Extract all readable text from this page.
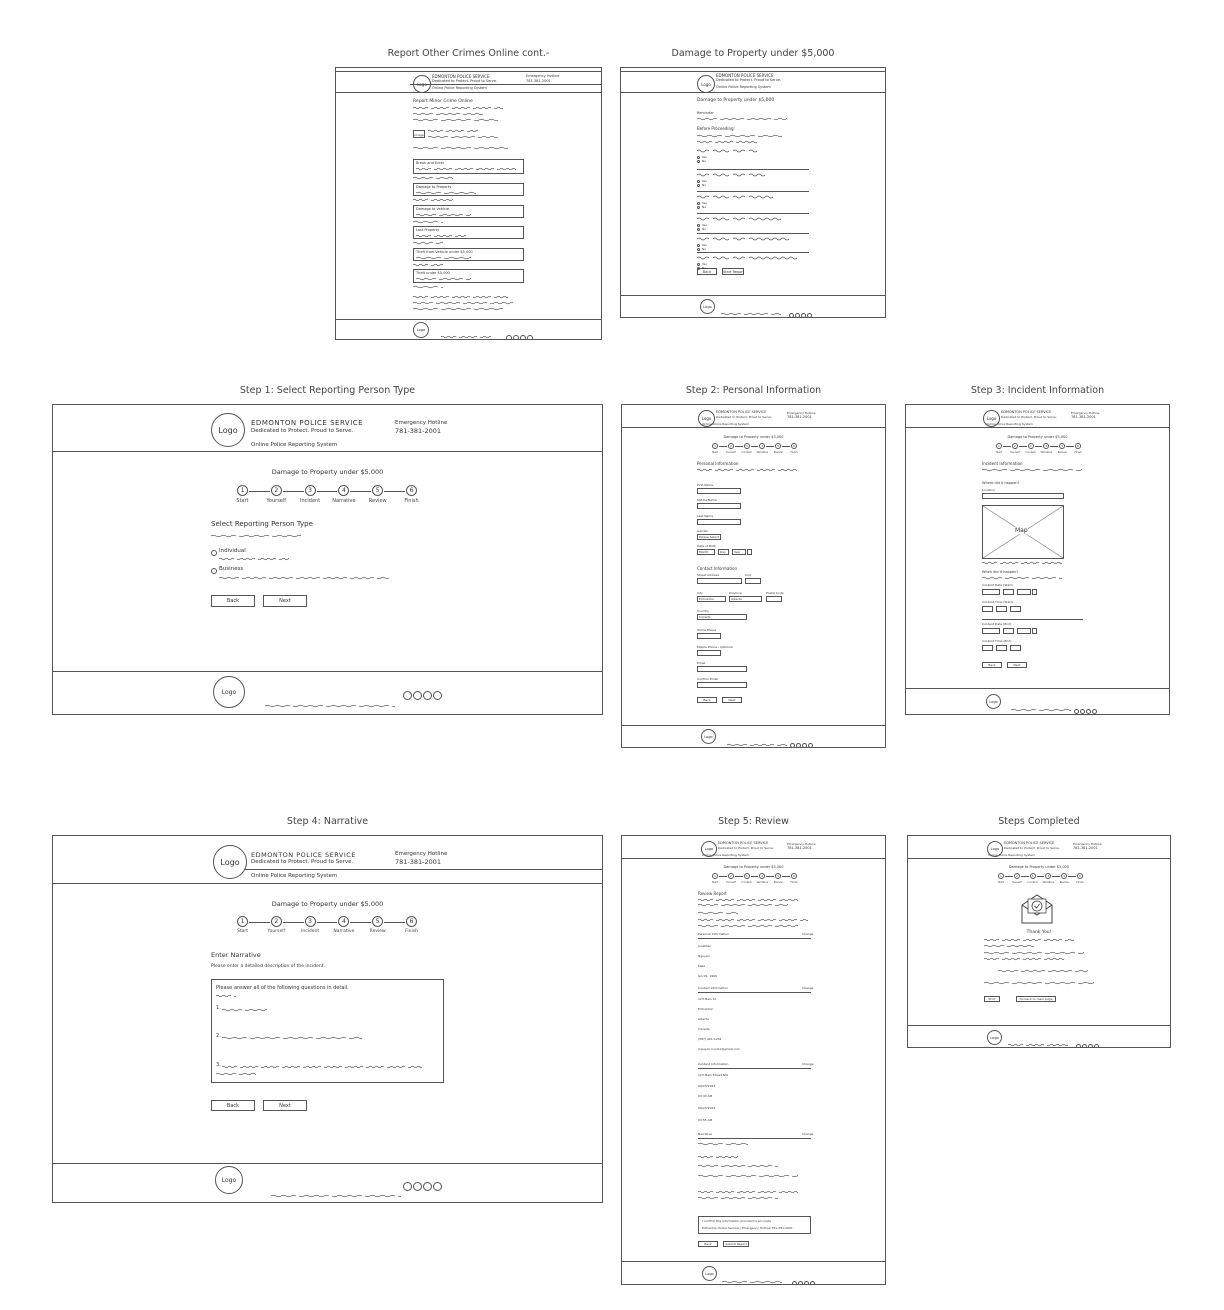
Report Other Crimes Online cont.-	Damage to Property under $5,000
Step 1: Select Reporting Person Type	Step 2: Personal Information	Step 3: Incident Information
Step 4: Narrative	Step 5: Review	Steps Completed
Logo
EDMONTON POLICE SERVICE
Dedicated to Protect. Proud to Serve.
Emergency Hotline
781-381-2001
Online Police Reporting System
Report Minor Crime Online
Image
Break and Enter
Damage to Property
Damage to Vehicle
Lost Property
Theft from Vehicle under $5,000
Theft under $5,000
Logo
Logo
EDMONTON POLICE SERVICE
Dedicated to Protect. Proud to Serve.
Online Police Reporting System
Damage to Property under $5,000
Reminder
Before Proceeding:
Back	Start Report
Logo
Yes
No
Yes
No
Yes
No
Yes
No
Yes
No
Yes
No
Logo
EDMONTON POLICE SERVICE
Dedicated to Protect. Proud to Serve.
Emergency Hotline
781-381-2001
Online Police Reporting System
Damage to Property under $5,000
1
Start
2
Yourself
3
Incident
4
Narrative
5
Review
6
Finish
Select Reporting Person Type
Individual
Business
Back	Next
Logo
Logo
EDMONTON POLICE SERVICE
Dedicated to Protect. Proud to Serve.
Emergency Hotline
781-381-2001
Online Police Reporting System
Damage to Property under $5,000
1
Start
2
Yourself
3
Incident
4
Narrative
5
Review
6
Finish
Personal Information
Contact Information
Street Address	Unit
City
Edmonton
Province
Alberta
Postal Code
Country
Canada
Home Phone
Mobile Phone - Optional
Email
Confirm Email
Back	Next
Logo
First Name
Middle Name
Last Name
Gender
Please Select
Date of Birth
Month	Day	Year
Logo
EDMONTON POLICE SERVICE
Dedicated to Protect. Proud to Serve.
Emergency Hotline
781-381-2001
Online Police Reporting System
Damage to Property under $5,000
1
Start
2
Yourself
3
Incident
4
Narrative
5
Review
6
Finish
Incident Information
Where did it happen?
Location
Map
When did it happen?
Incident Date (Start)
Incident Time (Start)
Incident Date (End)
Incident Time (End)
Back	Next
Logo
Logo
EDMONTON POLICE SERVICE
Dedicated to Protect. Proud to Serve.
Emergency Hotline
781-381-2001
Online Police Reporting System
Damage to Property under $5,000
1
Start
2
Yourself
3
Incident
4
Narrative
5
Review
6
Finish
Enter Narrative
Please enter a detailed description of the incident.
Please answer all of the following questions in detail.
1.
2.
3.
Back	Next
Logo
Logo
EDMONTON POLICE SERVICE
Dedicated to Protect. Proud to Serve.
Emergency Hotline
781-381-2001
Online Police Reporting System
Damage to Property under $5,000
1
Start
2
Yourself
3
Incident
4
Narrative
5
Review
6
Finish
Review Report
Personal Information	Change
Jonathan
Nguyen
Male
Jan 01, 1990
Contact Information	Change
123 Main St
Edmonton
Alberta
Canada
(587) 401-1234
jnguyen.nuvola@gmail.com
Incident Information	Change
123 Main Street NW
09/23/2023
03:43 AM
09/23/2023
03:55 AM
Narrative	Change
I confirm the information provided is accurate
Edmonton Police Service | Emergency Hotline 781-381-2001
Back	Submit Report
Logo
Logo
EDMONTON POLICE SERVICE
Dedicated to Protect. Proud to Serve.
Emergency Hotline
781-381-2001
Online Police Reporting System
Damage to Property under $5,000
1
Start
2
Yourself
3
Incident
4
Narrative
5
Review
6
Finish
Thank You!
Print	Go back to main page
Logo
